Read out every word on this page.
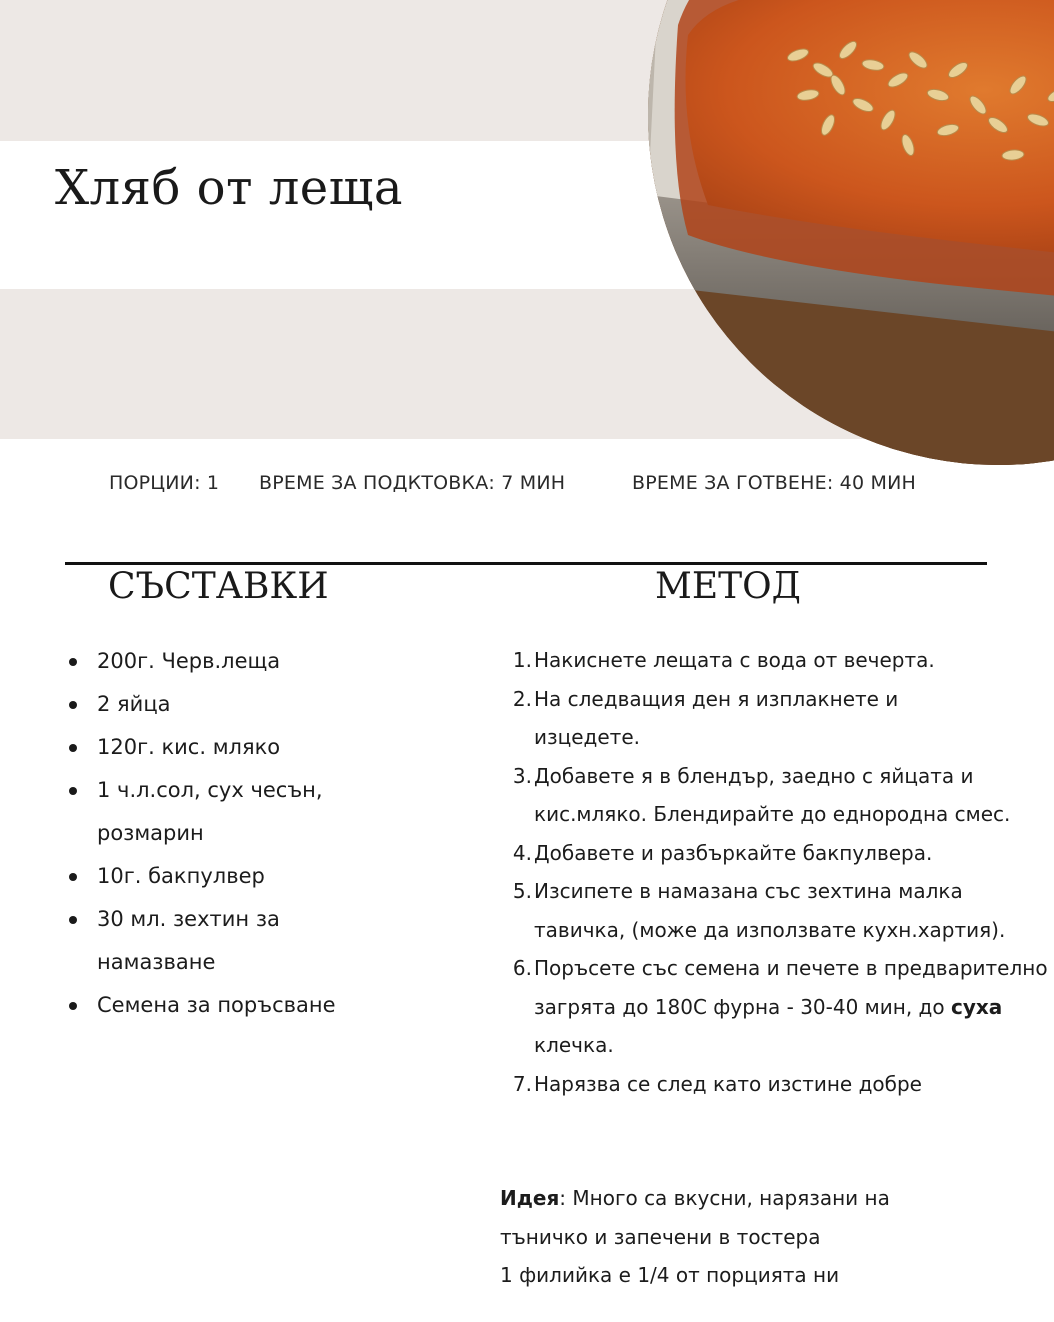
Хляб от леща
ПОРЦИИ: 1 ВРЕМЕ ЗА ПОДКТОВКА: 7 МИН	ВРЕМЕ ЗА ГОТВЕНЕ: 40 МИН
СЪСТАВКИ	МЕТОД
200г. Черв.леща
2 яйца
120г. кис. мляко
1 ч.л.сол, сух чесън, розмарин
10г. бакпулвер
30 мл. зехтин за намазване
Семена за поръсване
1. Накиснете лещата с вода от вечерта.
2. На следващия ден я изплакнете и изцедете.
3. Добавете я в блендър, заедно с яйцата и кис.мляко. Блендирайте до еднородна смес.
4. Добавете и разбъркайте бакпулвера.
5. Изсипете в намазана със зехтина малка тавичка, (може да използвате кухн.хартия).
6. Поръсете със семена и печете в предварително загрята до 180С фурна - 30-40 мин, до суха клечка.
7. Нарязва се след като изстине добре

Идея: Много са вкусни, нарязани на тъничко и запечени в тостера

1 филийка е 1/4 от порцията ни
